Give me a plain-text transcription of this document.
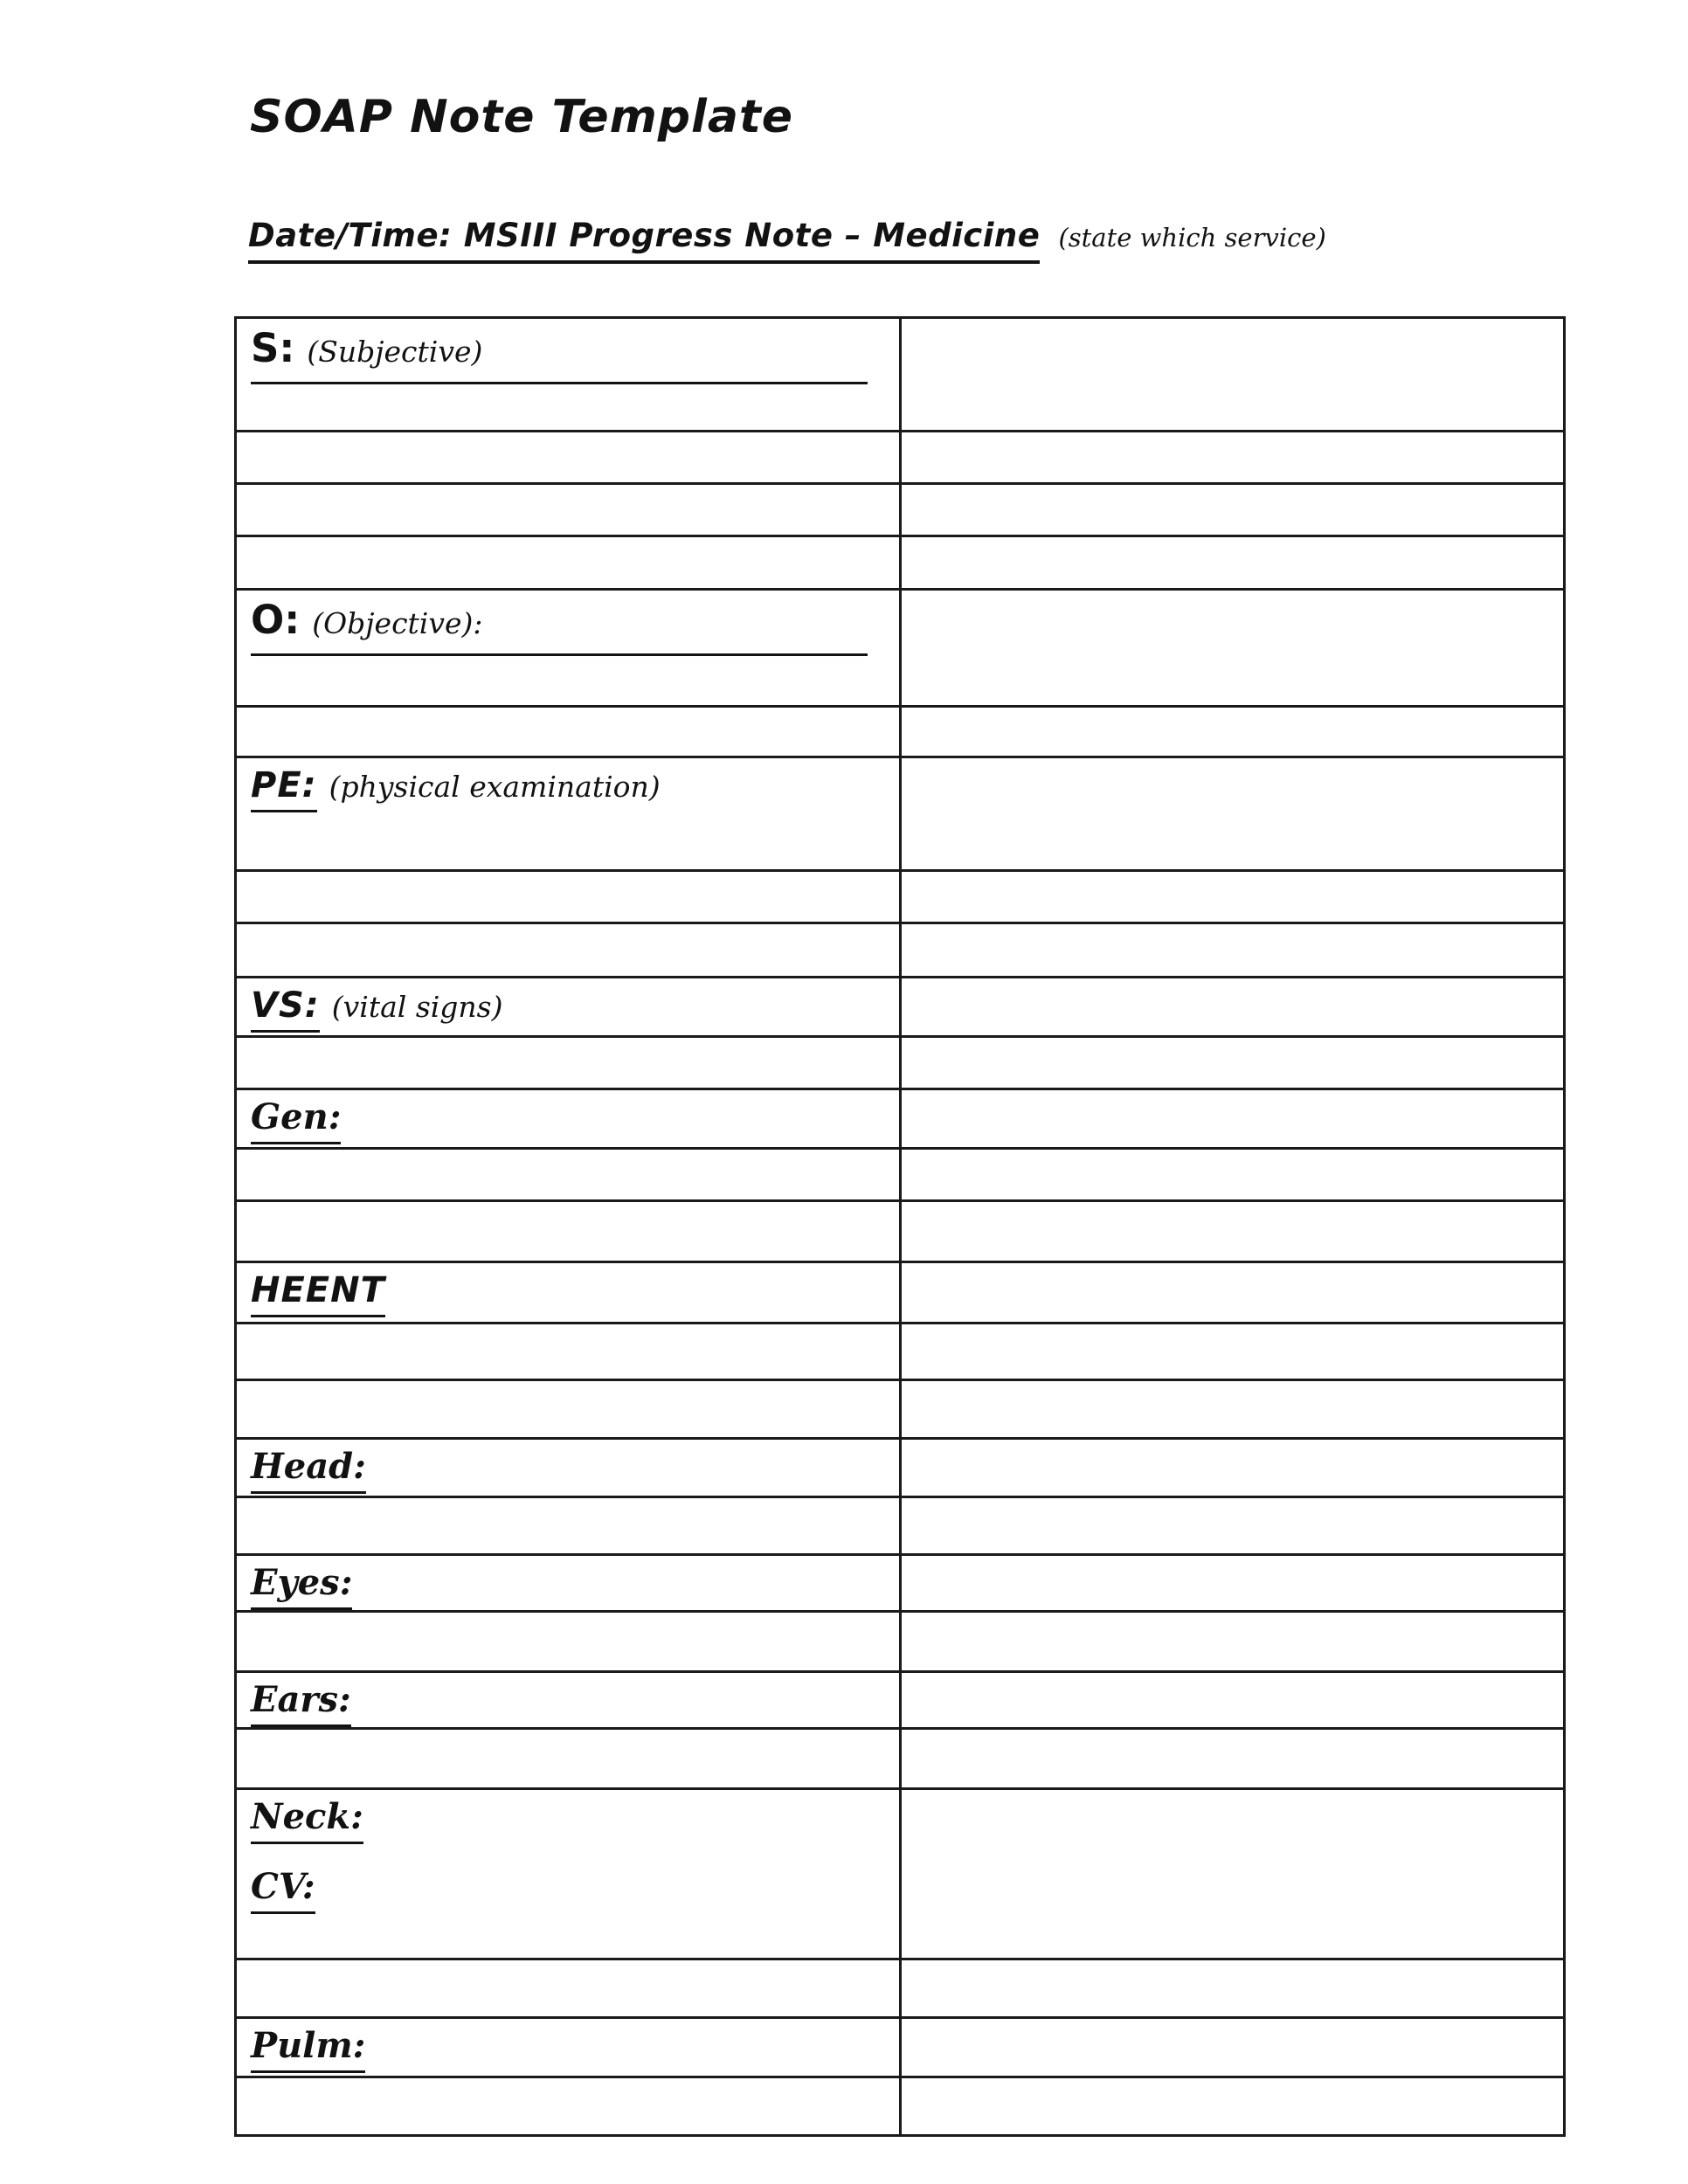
SOAP Note Template
Date/Time: MSIII Progress Note – Medicine (state which service)
S: (Subjective)	

O: (Objective):	

PE: (physical examination)	

VS: (vital signs)	

Gen:	

HEENT	

Head:	

Eyes:	

Ears:	

Neck:
CV:	

Pulm:	
